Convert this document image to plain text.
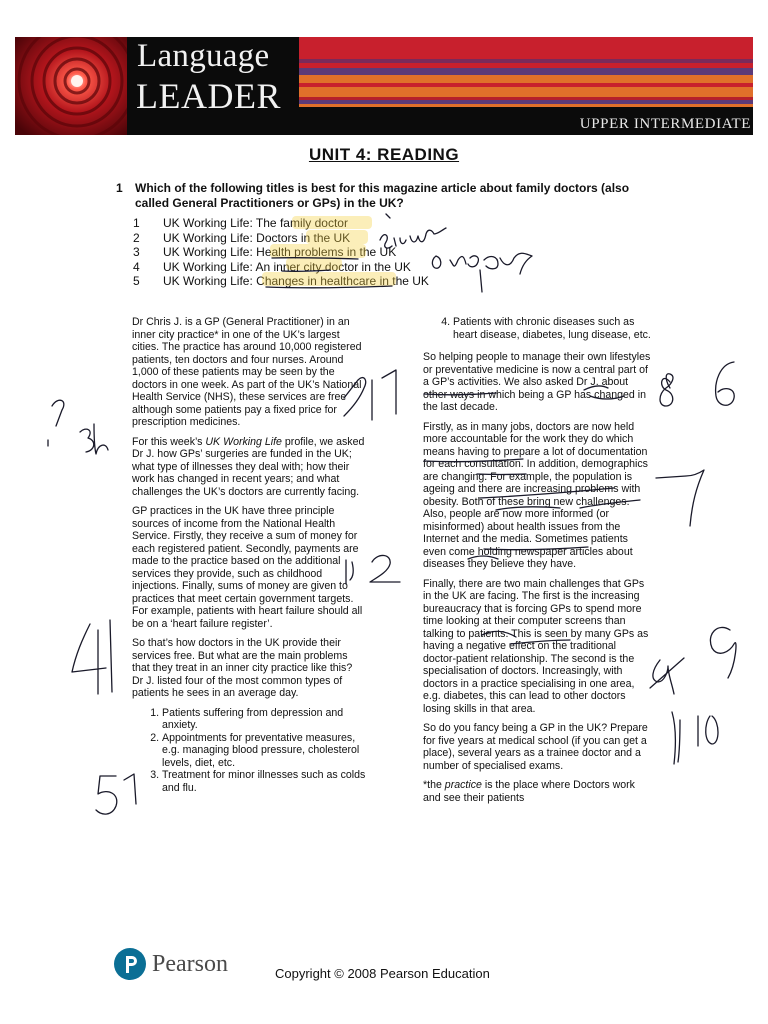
Language
LEADER
UPPER INTERMEDIATE
UNIT 4: READING
1 Which of the following titles is best for this magazine article about family doctors (also called General Practitioners or GPs) in the UK?
1 UK Working Life: The family doctor
2 UK Working Life: Doctors in the UK
3 UK Working Life: Health problems in the UK
4 UK Working Life: An inner city doctor in the UK
5 UK Working Life: Changes in healthcare in the UK

Dr Chris J. is a GP (General Practitioner) in an inner city practice* in one of the UK’s largest cities. The practice has around 10,000 registered patients, ten doctors and four nurses. Around 1,000 of these patients may be seen by the doctors in one week. As part of the UK’s National Health Service (NHS), these services are free although some patients pay a fixed price for prescription medicines.

For this week’s UK Working Life profile, we asked Dr J. how GPs’ surgeries are funded in the UK; what type of illnesses they deal with; how their work has changed in recent years; and what challenges the UK’s doctors are currently facing.

GP practices in the UK have three principle sources of income from the National Health Service. Firstly, they receive a sum of money for each registered patient. Secondly, payments are made to the practice based on the additional services they provide, such as childhood injections. Finally, sums of money are given to practices that meet certain government targets. For example, patients with heart failure should all be on a ‘heart failure register’.

So that’s how doctors in the UK provide their services free. But what are the main problems that they treat in an inner city practice like this? Dr J. listed four of the most common types of patients he sees in an average day.

1. Patients suffering from depression and anxiety.
2. Appointments for preventative measures, e.g. managing blood pressure, cholesterol levels, diet, etc.
3. Treatment for minor illnesses such as colds and flu.
4. Patients with chronic diseases such as heart disease, diabetes, lung disease, etc.

So helping people to manage their own lifestyles or preventative medicine is now a central part of a GP’s activities. We also asked Dr J. about other ways in which being a GP has changed in the last decade.

Firstly, as in many jobs, doctors are now held more accountable for the work they do which means having to prepare a lot of documentation for each consultation. In addition, demographics are changing. For example, the population is ageing and there are increasing problems with obesity. Both of these bring new challenges. Also, people are now more informed (or misinformed) about health issues from the Internet and the media. Sometimes patients even come holding newspaper articles about diseases they believe they have.

Finally, there are two main challenges that GPs in the UK are facing. The first is the increasing bureaucracy that is forcing GPs to spend more time looking at their computer screens than talking to patients. This is seen by many GPs as having a negative effect on the traditional doctor-patient relationship. The second is the specialisation of doctors. Increasingly, with doctors in a practice specialising in one area, e.g. diabetes, this can lead to other doctors losing skills in that area.

So do you fancy being a GP in the UK? Prepare for five years at medical school (if you can get a place), several years as a trainee doctor and a number of specialised exams.

*the practice is the place where Doctors work and see their patients

Pearson	Copyright © 2008 Pearson Education
